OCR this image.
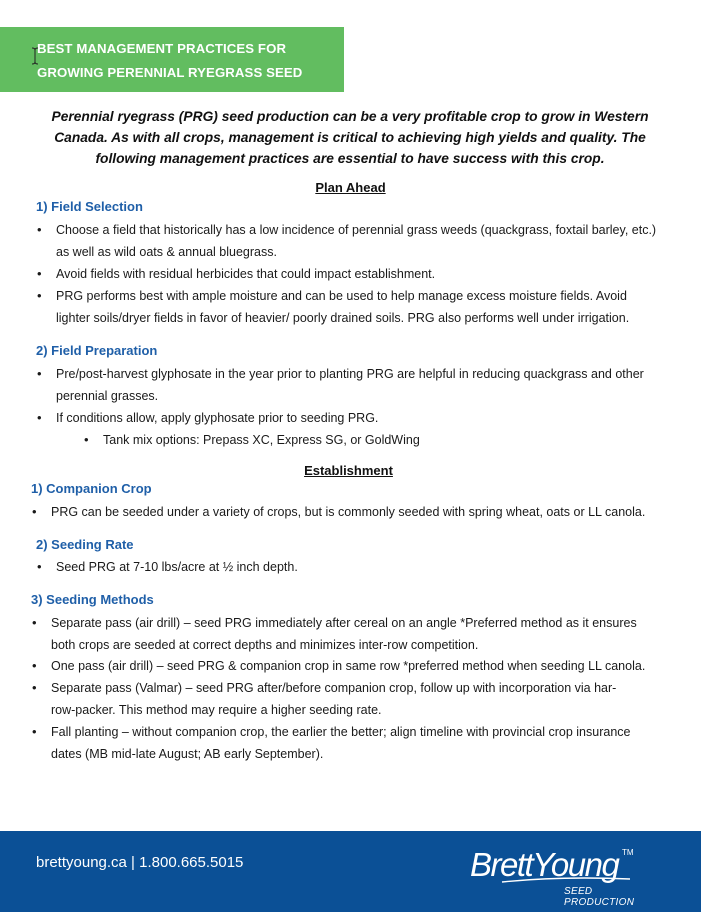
BEST MANAGEMENT PRACTICES FOR
GROWING PERENNIAL RYEGRASS SEED
Perennial ryegrass (PRG) seed production can be a very profitable crop to grow in Western Canada. As with all crops, management is critical to achieving high yields and quality. The following management practices are essential to have success with this crop.
Plan Ahead
1) Field Selection
• Choose a field that historically has a low incidence of perennial grass weeds (quackgrass, foxtail barley, etc.)
as well as wild oats & annual bluegrass.
• Avoid fields with residual herbicides that could impact establishment.
• PRG performs best with ample moisture and can be used to help manage excess moisture fields. Avoid
lighter soils/dryer fields in favor of heavier/ poorly drained soils. PRG also performs well under irrigation.
2) Field Preparation
• Pre/post-harvest glyphosate in the year prior to planting PRG are helpful in reducing quackgrass and other
perennial grasses.
• If conditions allow, apply glyphosate prior to seeding PRG.
• Tank mix options: Prepass XC, Express SG, or GoldWing
Establishment
1) Companion Crop
• PRG can be seeded under a variety of crops, but is commonly seeded with spring wheat, oats or LL canola.
2) Seeding Rate
• Seed PRG at 7-10 lbs/acre at ½ inch depth.
3) Seeding Methods
• Separate pass (air drill) – seed PRG immediately after cereal on an angle *Preferred method as it ensures
both crops are seeded at correct depths and minimizes inter-row competition.
• One pass (air drill) – seed PRG & companion crop in same row *preferred method when seeding LL canola.
• Separate pass (Valmar) – seed PRG after/before companion crop, follow up with incorporation via har-
row-packer. This method may require a higher seeding rate.
• Fall planting – without companion crop, the earlier the better; align timeline with provincial crop insurance
dates (MB mid-late August; AB early September).
brettyoung.ca | 1.800.665.5015	BrettYoung TM
SEED PRODUCTION
